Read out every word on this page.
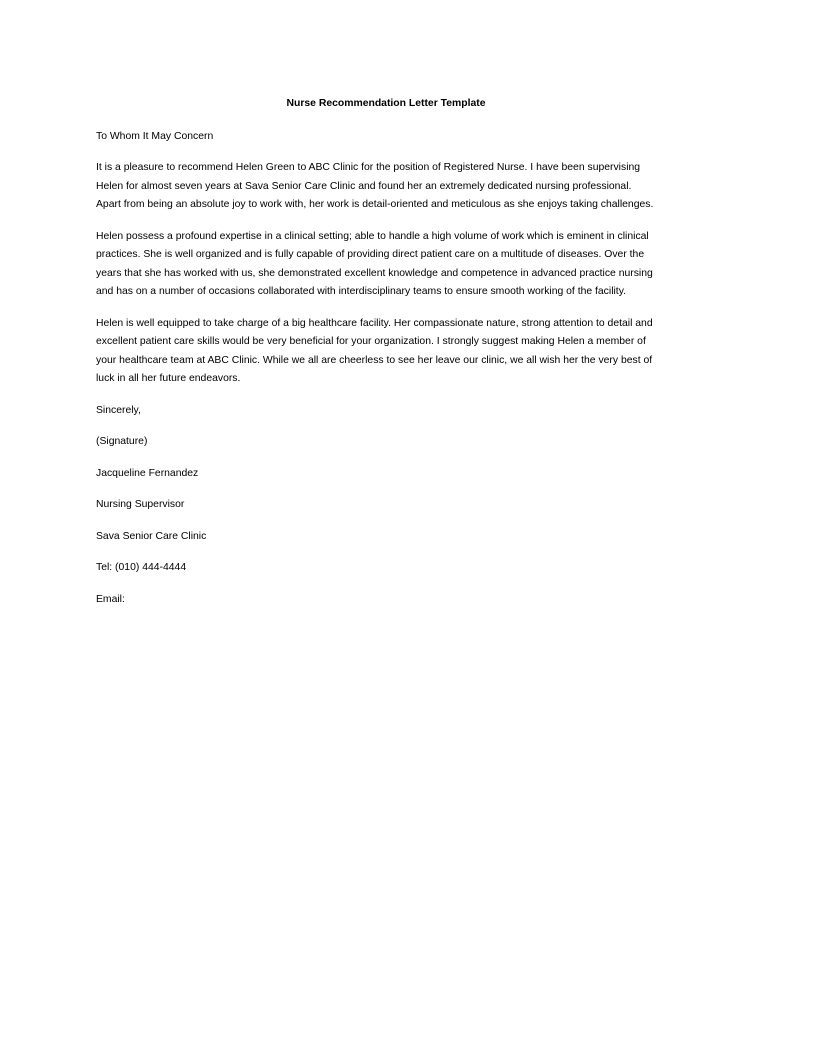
Nurse Recommendation Letter Template
To Whom It May Concern
It is a pleasure to recommend Helen Green to ABC Clinic for the position of Registered Nurse. I have been supervising
Helen for almost seven years at Sava Senior Care Clinic and found her an extremely dedicated nursing professional.
Apart from being an absolute joy to work with, her work is detail-oriented and meticulous as she enjoys taking challenges.
Helen possess a profound expertise in a clinical setting; able to handle a high volume of work which is eminent in clinical
practices. She is well organized and is fully capable of providing direct patient care on a multitude of diseases. Over the
years that she has worked with us, she demonstrated excellent knowledge and competence in advanced practice nursing
and has on a number of occasions collaborated with interdisciplinary teams to ensure smooth working of the facility.
Helen is well equipped to take charge of a big healthcare facility. Her compassionate nature, strong attention to detail and
excellent patient care skills would be very beneficial for your organization. I strongly suggest making Helen a member of
your healthcare team at ABC Clinic. While we all are cheerless to see her leave our clinic, we all wish her the very best of
luck in all her future endeavors.
Sincerely,
(Signature)
Jacqueline Fernandez
Nursing Supervisor
Sava Senior Care Clinic
Tel: (010) 444-4444
Email:
